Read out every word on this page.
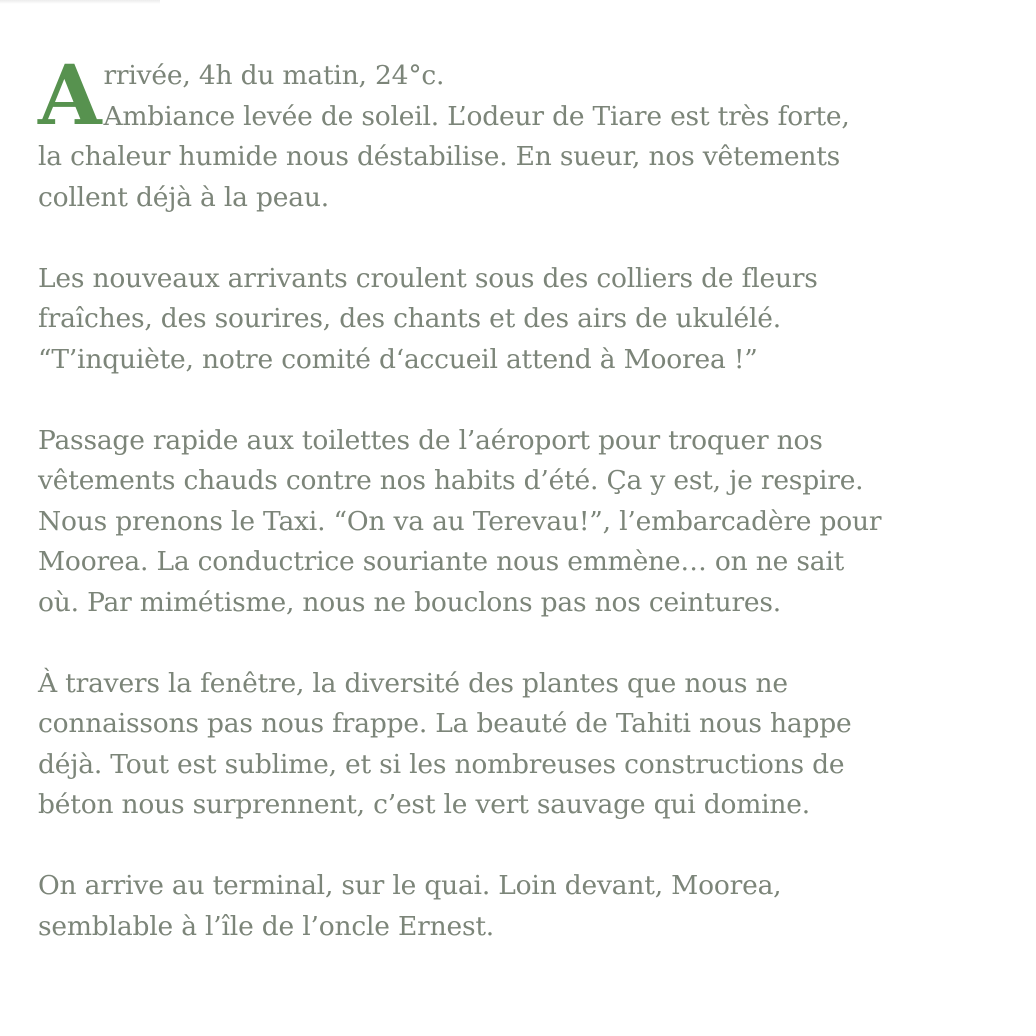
A rrivée, 4h du matin, 24°c.
Ambiance levée de soleil. L’odeur de Tiare est très forte,
la chaleur humide nous déstabilise. En sueur, nos vêtements
collent déjà à la peau.

Les nouveaux arrivants croulent sous des colliers de fleurs
fraîches, des sourires, des chants et des airs de ukulélé.
“T’inquiète, notre comité d‘accueil attend à Moorea !”

Passage rapide aux toilettes de l’aéroport pour troquer nos
vêtements chauds contre nos habits d’été. Ça y est, je respire.
Nous prenons le Taxi. “On va au Terevau!”, l’embarcadère pour
Moorea. La conductrice souriante nous emmène… on ne sait
où. Par mimétisme, nous ne bouclons pas nos ceintures.

À travers la fenêtre, la diversité des plantes que nous ne
connaissons pas nous frappe. La beauté de Tahiti nous happe
déjà. Tout est sublime, et si les nombreuses constructions de
béton nous surprennent, c’est le vert sauvage qui domine.

On arrive au terminal, sur le quai. Loin devant, Moorea,
semblable à l’île de l’oncle Ernest.
